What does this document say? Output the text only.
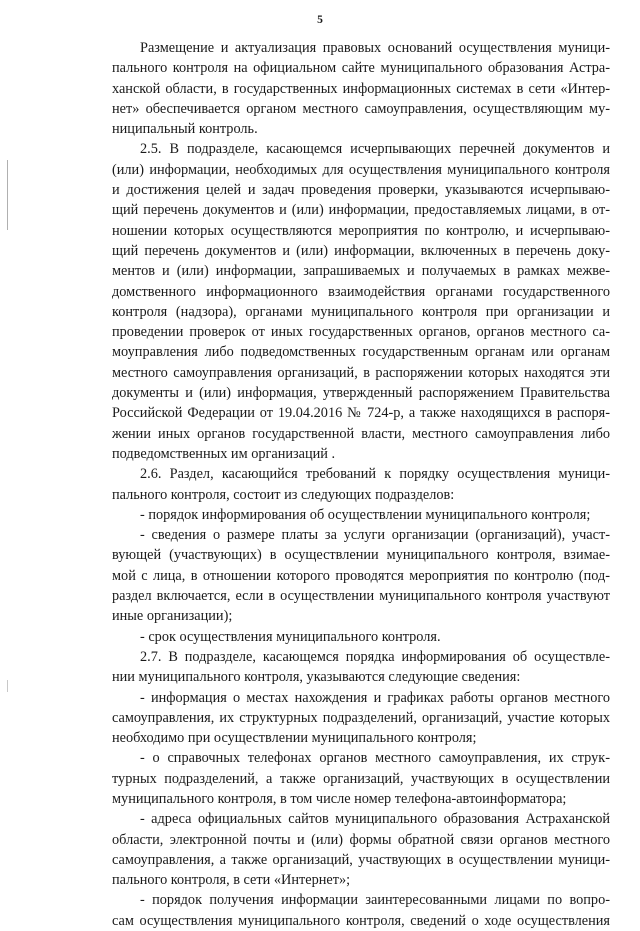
5
Размещение и актуализация правовых оснований осуществления муници-
пального контроля на официальном сайте муниципального образования Астра-
ханской области, в государственных информационных системах в сети «Интер-
нет» обеспечивается органом местного самоуправления, осуществляющим му-
ниципальный контроль.
2.5. В подразделе, касающемся исчерпывающих перечней документов и
(или) информации, необходимых для осуществления муниципального контроля
и достижения целей и задач проведения проверки, указываются исчерпываю-
щий перечень документов и (или) информации, предоставляемых лицами, в от-
ношении которых осуществляются мероприятия по контролю, и исчерпываю-
щий перечень документов и (или) информации, включенных в перечень доку-
ментов и (или) информации, запрашиваемых и получаемых в рамках межве-
домственного информационного взаимодействия органами государственного
контроля (надзора), органами муниципального контроля при организации и
проведении проверок от иных государственных органов, органов местного са-
моуправления либо подведомственных государственным органам или органам
местного самоуправления организаций, в распоряжении которых находятся эти
документы и (или) информация, утвержденный распоряжением Правительства
Российской Федерации от 19.04.2016 № 724-р, а также находящихся в распоря-
жении иных органов государственной власти, местного самоуправления либо
подведомственных им организаций .
2.6. Раздел, касающийся требований к порядку осуществления муници-
пального контроля, состоит из следующих подразделов:
- порядок информирования об осуществлении муниципального контроля;
- сведения о размере платы за услуги организации (организаций), участ-
вующей (участвующих) в осуществлении муниципального контроля, взимае-
мой с лица, в отношении которого проводятся мероприятия по контролю (под-
раздел включается, если в осуществлении муниципального контроля участвуют
иные организации);
- срок осуществления муниципального контроля.
2.7. В подразделе, касающемся порядка информирования об осуществле-
нии муниципального контроля, указываются следующие сведения:
- информация о местах нахождения и графиках работы органов местного
самоуправления, их структурных подразделений, организаций, участие которых
необходимо при осуществлении муниципального контроля;
- о справочных телефонах органов местного самоуправления, их струк-
турных подразделений, а также организаций, участвующих в осуществлении
муниципального контроля, в том числе номер телефона-автоинформатора;
- адреса официальных сайтов муниципального образования Астраханской
области, электронной почты и (или) формы обратной связи органов местного
самоуправления, а также организаций, участвующих в осуществлении муници-
пального контроля, в сети «Интернет»;
- порядок получения информации заинтересованными лицами по вопро-
сам осуществления муниципального контроля, сведений о ходе осуществления
